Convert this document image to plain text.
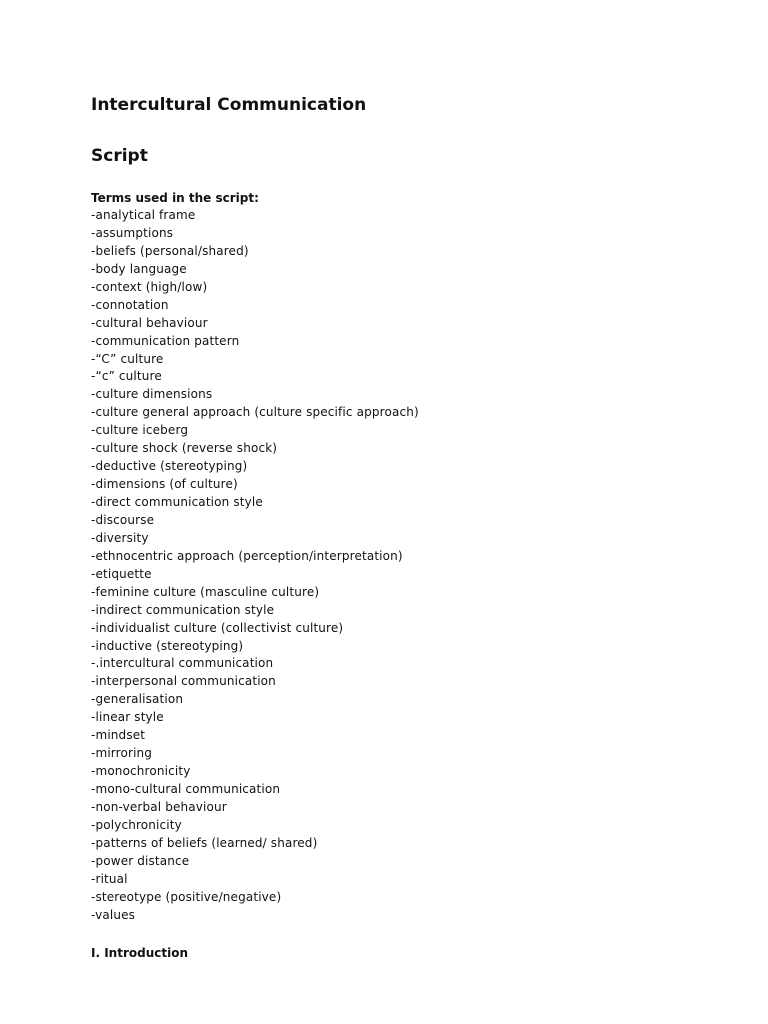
Intercultural Communication
Script
Terms used in the script:
-analytical frame
-assumptions
-beliefs (personal/shared)
-body language
-context (high/low)
-connotation
-cultural behaviour
-communication pattern
-“C” culture
-“c” culture
-culture dimensions
-culture general approach (culture specific approach)
-culture iceberg
-culture shock (reverse shock)
-deductive (stereotyping)
-dimensions (of culture)
-direct communication style
-discourse
-diversity
-ethnocentric approach (perception/interpretation)
-etiquette
-feminine culture (masculine culture)
-indirect communication style
-individualist culture (collectivist culture)
-inductive (stereotyping)
-.intercultural communication
-interpersonal communication
-generalisation
-linear style
-mindset
-mirroring
-monochronicity
-mono-cultural communication
-non-verbal behaviour
-polychronicity
-patterns of beliefs (learned/ shared)
-power distance
-ritual
-stereotype (positive/negative)
-values
I. Introduction
